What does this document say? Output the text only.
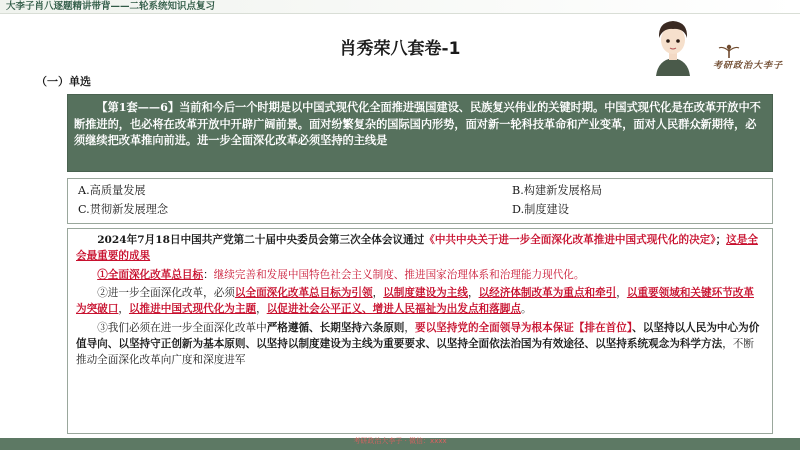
大李子肖八逐题精讲带背——二轮系统知识点复习
肖秀荣八套卷-1
考研政治大李子
（一）单选
【第1套——6】当前和今后一个时期是以中国式现代化全面推进强国建设、民族复兴伟业的关键时期。中国式现代化是在改革开放中不断推进的，也必将在改革开放中开辟广阔前景。面对纷繁复杂的国际国内形势，面对新一轮科技革命和产业变革，面对人民群众新期待，必须继续把改革推向前进。进一步全面深化改革必须坚持的主线是
A.高质量发展	B.构建新发展格局
C.贯彻新发展理念	D.制度建设

2024年7月18日中国共产党第二十届中央委员会第三次全体会议通过《中共中央关于进一步全面深化改革推进中国式现代化的决定》；这是全会最重要的成果

①全面深化改革总目标：继续完善和发展中国特色社会主义制度、推进国家治理体系和治理能力现代化。

②进一步全面深化改革，必须以全面深化改革总目标为引领，以制度建设为主线，以经济体制改革为重点和牵引，以重要领域和关键环节改革为突破口，以推进中国式现代化为主题，以促进社会公平正义、增进人民福祉为出发点和落脚点。

③我们必须在进一步全面深化改革中严格遵循、长期坚持六条原则，要以坚持党的全面领导为根本保证【排在首位】、以坚持以人民为中心为价值导向、以坚持守正创新为基本原则、以坚持以制度建设为主线为重要要求、以坚持全面依法治国为有效途径、以坚持系统观念为科学方法，不断推动全面深化改革向广度和深度进军

考研政治大李子 · 微信：xxxx
